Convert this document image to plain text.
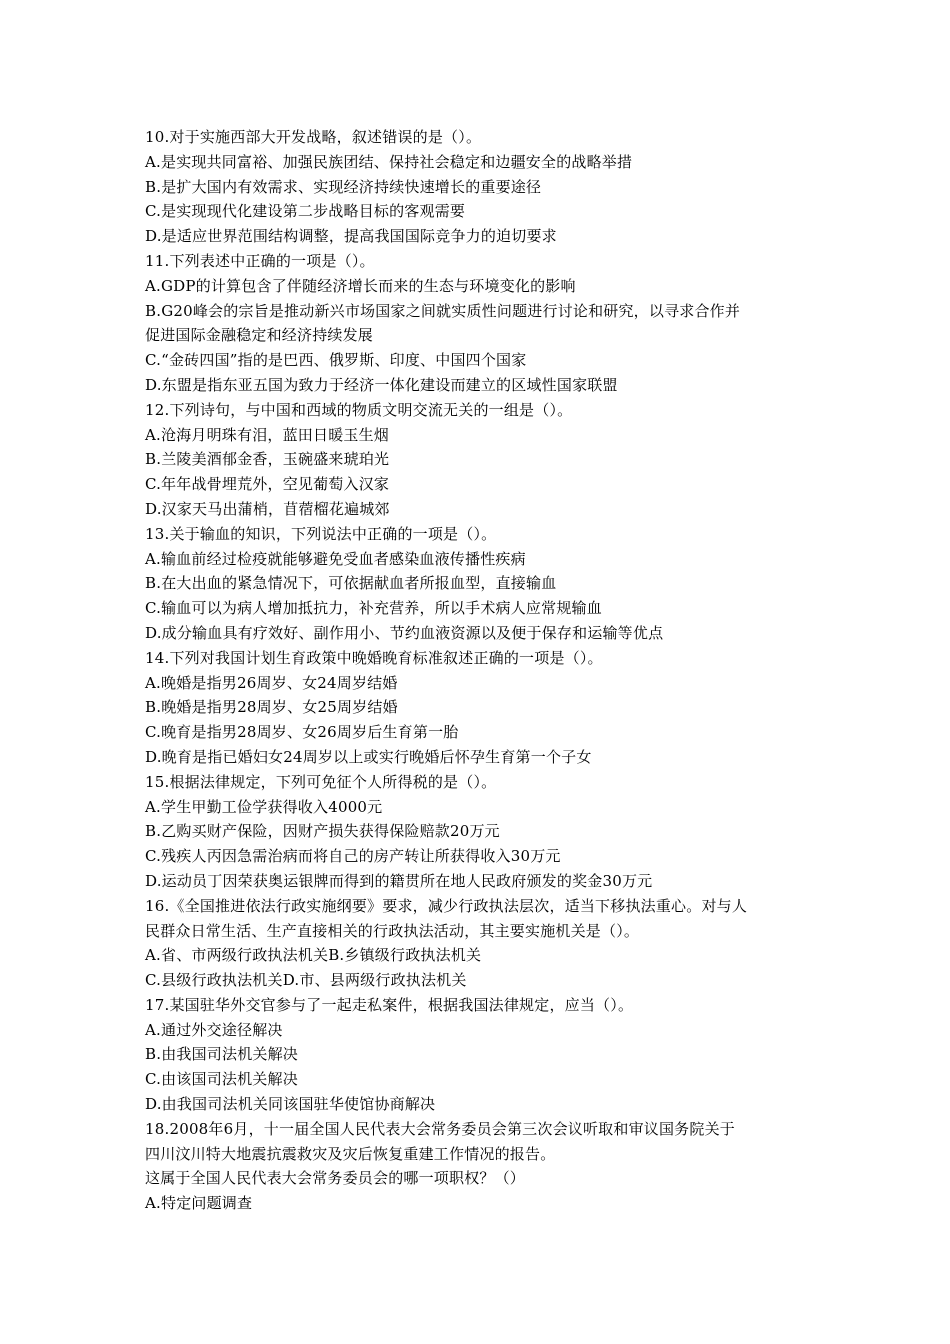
10.对于实施西部大开发战略，叙述错误的是（）。
A.是实现共同富裕、加强民族团结、保持社会稳定和边疆安全的战略举措
B.是扩大国内有效需求、实现经济持续快速增长的重要途径
C.是实现现代化建设第二步战略目标的客观需要
D.是适应世界范围结构调整，提高我国国际竞争力的迫切要求
11.下列表述中正确的一项是（）。
A.GDP的计算包含了伴随经济增长而来的生态与环境变化的影响
B.G20峰会的宗旨是推动新兴市场国家之间就实质性问题进行讨论和研究，以寻求合作并
促进国际金融稳定和经济持续发展
C.“金砖四国”指的是巴西、俄罗斯、印度、中国四个国家
D.东盟是指东亚五国为致力于经济一体化建设而建立的区域性国家联盟
12.下列诗句，与中国和西域的物质文明交流无关的一组是（）。
A.沧海月明珠有泪，蓝田日暖玉生烟
B.兰陵美酒郁金香，玉碗盛来琥珀光
C.年年战骨埋荒外，空见葡萄入汉家
D.汉家天马出蒲梢，苜蓿榴花遍城郊
13.关于输血的知识，下列说法中正确的一项是（）。
A.输血前经过检疫就能够避免受血者感染血液传播性疾病
B.在大出血的紧急情况下，可依据献血者所报血型，直接输血
C.输血可以为病人增加抵抗力，补充营养，所以手术病人应常规输血
D.成分输血具有疗效好、副作用小、节约血液资源以及便于保存和运输等优点
14.下列对我国计划生育政策中晚婚晚育标准叙述正确的一项是（）。
A.晚婚是指男26周岁、女24周岁结婚
B.晚婚是指男28周岁、女25周岁结婚
C.晚育是指男28周岁、女26周岁后生育第一胎
D.晚育是指已婚妇女24周岁以上或实行晚婚后怀孕生育第一个子女
15.根据法律规定，下列可免征个人所得税的是（）。
A.学生甲勤工俭学获得收入4000元
B.乙购买财产保险，因财产损失获得保险赔款20万元
C.残疾人丙因急需治病而将自己的房产转让所获得收入30万元
D.运动员丁因荣获奥运银牌而得到的籍贯所在地人民政府颁发的奖金30万元
16.《全国推进依法行政实施纲要》要求，减少行政执法层次，适当下移执法重心。对与人
民群众日常生活、生产直接相关的行政执法活动，其主要实施机关是（）。
A.省、市两级行政执法机关B.乡镇级行政执法机关
C.县级行政执法机关D.市、县两级行政执法机关
17.某国驻华外交官参与了一起走私案件，根据我国法律规定，应当（）。
A.通过外交途径解决
B.由我国司法机关解决
C.由该国司法机关解决
D.由我国司法机关同该国驻华使馆协商解决
18.2008年6月，十一届全国人民代表大会常务委员会第三次会议听取和审议国务院关于
四川汶川特大地震抗震救灾及灾后恢复重建工作情况的报告。
这属于全国人民代表大会常务委员会的哪一项职权？（）
A.特定问题调查
